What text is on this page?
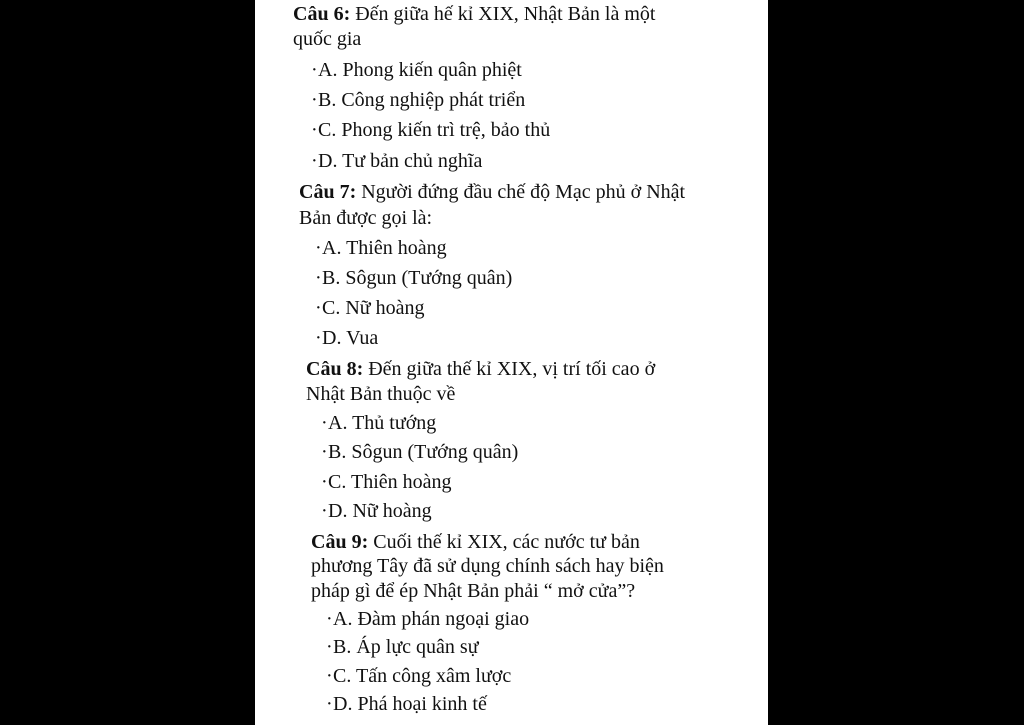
Câu 6: Đến giữa hế kỉ XIX, Nhật Bản là một
quốc gia
·A. Phong kiến quân phiệt
·B. Công nghiệp phát triển
·C. Phong kiến trì trệ, bảo thủ
·D. Tư bản chủ nghĩa
Câu 7: Người đứng đầu chế độ Mạc phủ ở Nhật
Bản được gọi là:
·A. Thiên hoàng
·B. Sôgun (Tướng quân)
·C. Nữ hoàng
·D. Vua
Câu 8: Đến giữa thế kỉ XIX, vị trí tối cao ở
Nhật Bản thuộc về
·A. Thủ tướng
·B. Sôgun (Tướng quân)
·C. Thiên hoàng
·D. Nữ hoàng
Câu 9: Cuối thế kỉ XIX, các nước tư bản
phương Tây đã sử dụng chính sách hay biện
pháp gì để ép Nhật Bản phải “ mở cửa”?
·A. Đàm phán ngoại giao
·B. Áp lực quân sự
·C. Tấn công xâm lược
·D. Phá hoại kinh tế
